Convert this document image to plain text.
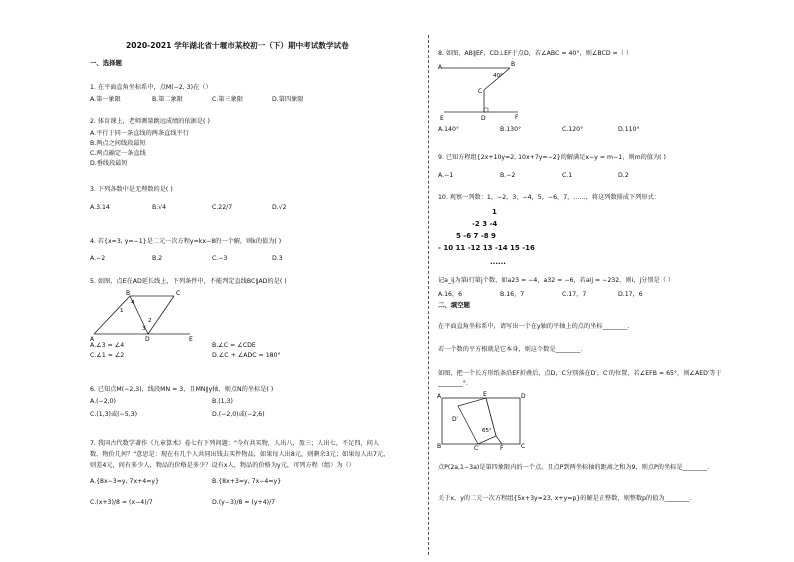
2020-2021 学年湖北省十堰市某校初一（下）期中考试数学试卷
一、选择题
1. 在平面直角坐标系中，点M(−2, 3)在（）
A.第一象限	B.第二象限	C.第三象限	D.第四象限
2. 体育课上，老师测量跳远成绩的依据是( )
A.平行于同一条直线的两条直线平行
B.两点之间线段最短
C.两点确定一条直线
D.垂线段最短
3. 下列各数中是无理数的是( )
A.3.14	B.√4	C.22/7	D.√2
4. 若{x=3, y=−1}是二元一次方程y=kx−8的一个解，则k的值为( )
A.−2	B.2	C.−3	D.3
5. 如图，点E在AD延长线上，下列条件中，不能判定直线BC∥AD的是( )
B	C
A	D	E
1
2
3
4
A.∠3 = ∠4	B.∠C = ∠CDE
C.∠1 = ∠2	D.∠C + ∠ADC = 180°
6. 已知点M(−2,3)，线段MN = 3，且MN∥y轴，则点N的坐标是( )
A.(−2,0)	B.(1,3)
C.(1,3)或(−5,3)	D.(−2,0)或(−2,6)
7. 我国古代数学著作《九章算术》卷七有下列问题："今有共买物，人出八，盈三；人出七，不足四，问人
数、物价几何？"意思是：现在有几个人共同出钱去买件物品，如果每人出8元，则剩余3元；如果每人出7元，
则差4元，问有多少人，物品的价格是多少？设有x人，物品的价格为y元，可列方程（组）为（）
A.{8x−3=y, 7x+4=y}	B.{8x+3=y, 7x−4=y}
C.(x+3)/8 = (x−4)/7	D.(y−3)/8 = (y+4)/7
8. 如图，AB∥EF，CD⊥EF于点D，若∠ABC = 40°，则∠BCD =（ ）
A	B
40°
C
E	D	F
A.140°	B.130°	C.120°	D.110°
9. 已知方程组{2x+10y=2, 10x+7y=−2}的解满足x−y = m−1，则m的值为( )
A.−1	B.−2	C.1	D.2
10. 观察一列数：1，−2，3，−4，5，−6，7，……，将这列数排成下列形式：
1
-2 3 -4
5 -6 7 -8 9
- 10 11 -12 13 -14 15 -16
......
记a_ij为第i行第j个数，如a23 = −4，a32 = −6，若aij = −232，则i，j分别是（ ）
A.16，6	B.16，7	C.17，7	D.17，6
二、填空题
在平面直角坐标系中，请写出一个在y轴的平轴上的点的坐标________.
若一个数的平方根就是它本身，则这个数是________.
如图，把一个长方形纸条沿EF折叠后，点D，C分别落在D′，C′的位置，若∠EFB = 65°，则∠AED′等于
________°.
A	E	D
D′
65°
B	C′	F	C
点P(2a,1−3a)是第四象限内的一个点，且点P到两坐标轴的距离之和为9，则点P的坐标是________.
关于x，y的二元一次方程组{5x+3y=23, x+y=p}的解是正整数，则整数p的值为________.
